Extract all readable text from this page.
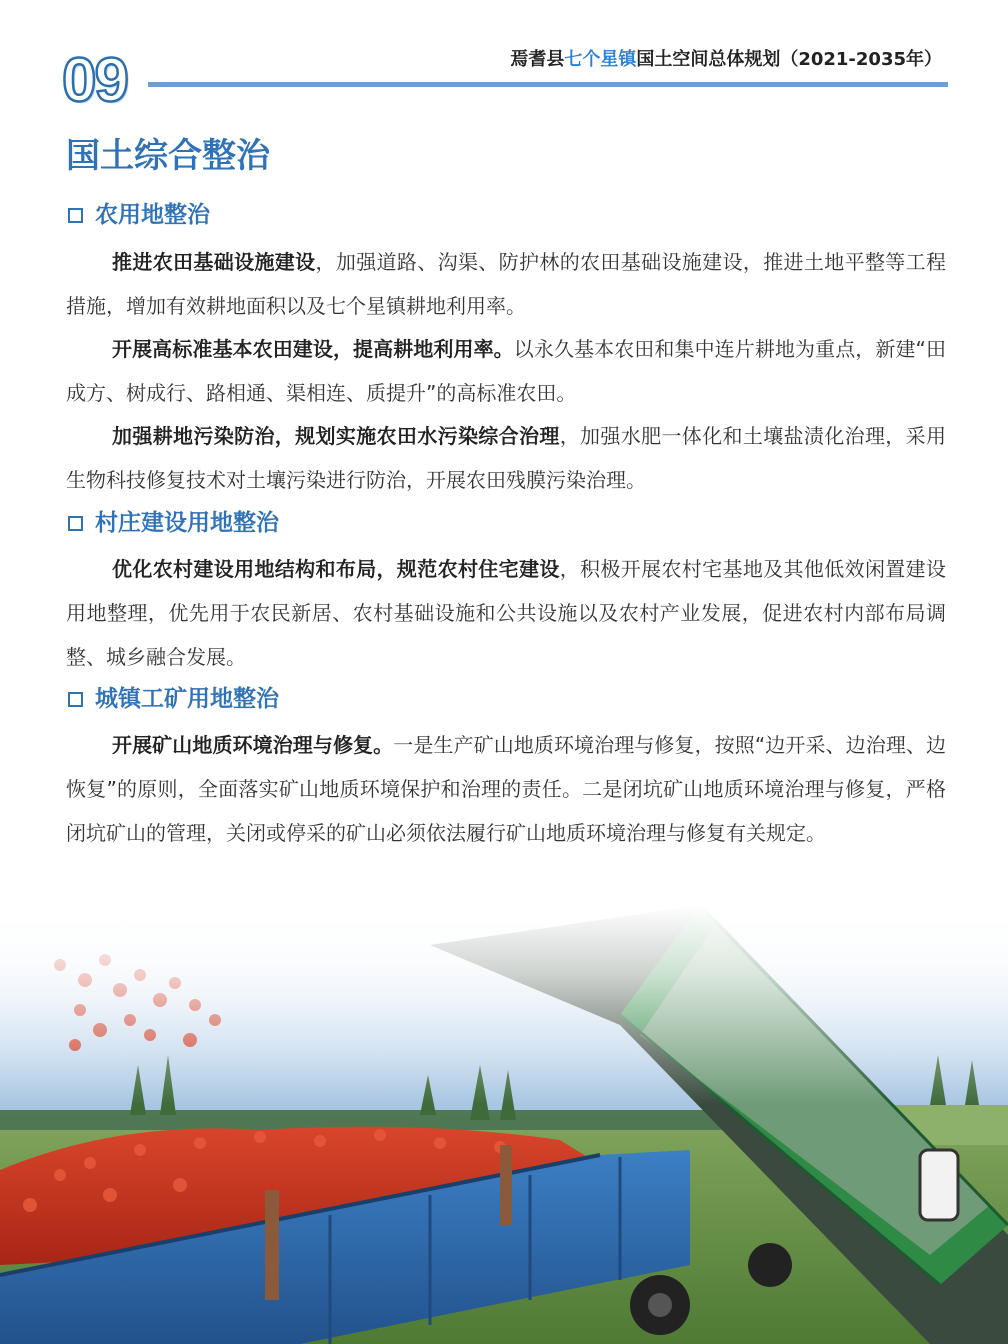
09	焉耆县七个星镇国土空间总体规划（2021-2035年）
国土综合整治
农用地整治
推进农田基础设施建设，加强道路、沟渠、防护林的农田基础设施建设，推进土地平整等工程措施，增加有效耕地面积以及七个星镇耕地利用率。
开展高标准基本农田建设，提高耕地利用率。以永久基本农田和集中连片耕地为重点，新建“田成方、树成行、路相通、渠相连、质提升”的高标准农田。
加强耕地污染防治，规划实施农田水污染综合治理，加强水肥一体化和土壤盐渍化治理，采用生物科技修复技术对土壤污染进行防治，开展农田残膜污染治理。
村庄建设用地整治
优化农村建设用地结构和布局，规范农村住宅建设，积极开展农村宅基地及其他低效闲置建设用地整理，优先用于农民新居、农村基础设施和公共设施以及农村产业发展，促进农村内部布局调整、城乡融合发展。
城镇工矿用地整治
开展矿山地质环境治理与修复。一是生产矿山地质环境治理与修复，按照“边开采、边治理、边恢复”的原则，全面落实矿山地质环境保护和治理的责任。二是闭坑矿山地质环境治理与修复，严格闭坑矿山的管理，关闭或停采的矿山必须依法履行矿山地质环境治理与修复有关规定。
